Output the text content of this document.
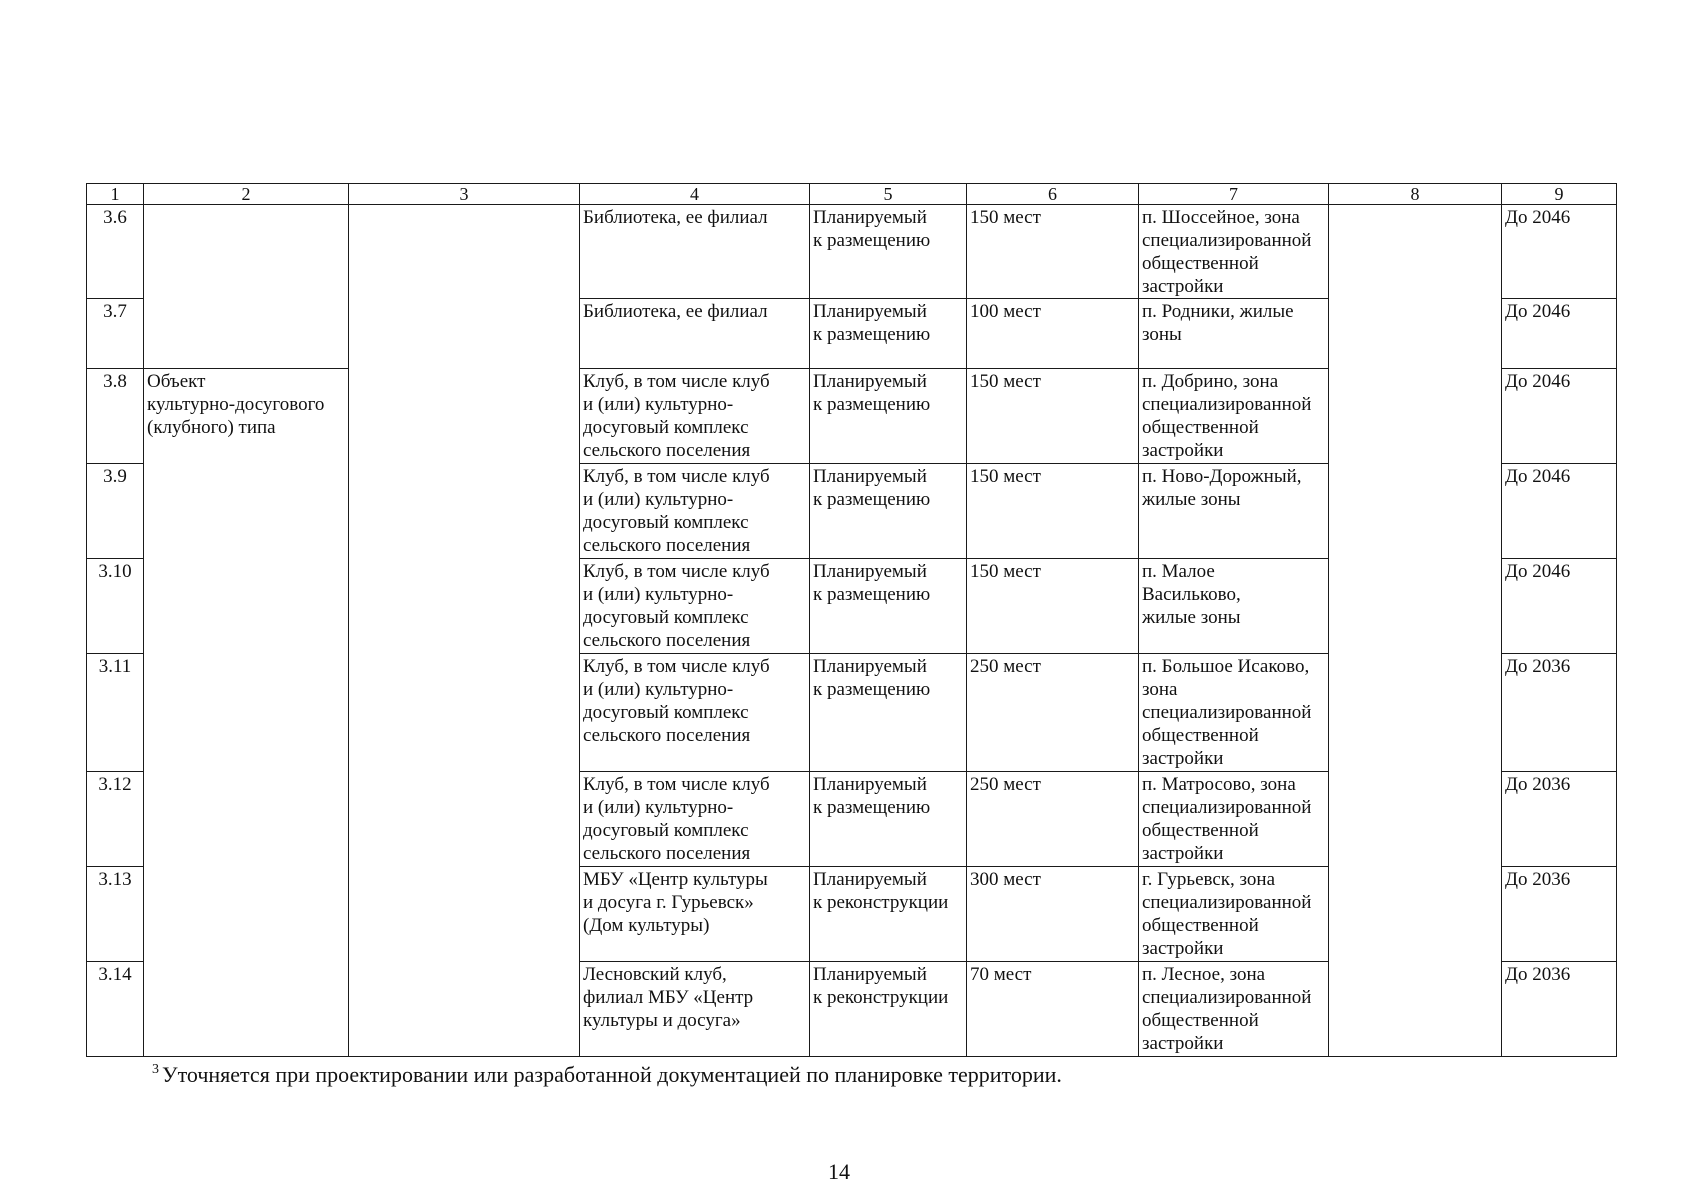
1	2	3	4	5	6	7	8	9
3.6			Библиотека, ее филиал	Планируемый
к размещению	150 мест	п. Шоссейное, зона
специализированной
общественной
застройки		До 2046
3.7			Библиотека, ее филиал	Планируемый
к размещению	100 мест	п. Родники, жилые
зоны		До 2046
3.8	Объект
культурно-досугового
(клубного) типа		Клуб, в том числе клуб
и (или) культурно-
досуговый комплекс
сельского поселения	Планируемый
к размещению	150 мест	п. Добрино, зона
специализированной
общественной
застройки		До 2046
3.9			Клуб, в том числе клуб
и (или) культурно-
досуговый комплекс
сельского поселения	Планируемый
к размещению	150 мест	п. Ново-Дорожный,
жилые зоны		До 2046
3.10			Клуб, в том числе клуб
и (или) культурно-
досуговый комплекс
сельского поселения	Планируемый
к размещению	150 мест	п. Малое
Васильково,
жилые зоны		До 2046
3.11			Клуб, в том числе клуб
и (или) культурно-
досуговый комплекс
сельского поселения	Планируемый
к размещению	250 мест	п. Большое Исаково,
зона
специализированной
общественной
застройки		До 2036
3.12			Клуб, в том числе клуб
и (или) культурно-
досуговый комплекс
сельского поселения	Планируемый
к размещению	250 мест	п. Матросово, зона
специализированной
общественной
застройки		До 2036
3.13			МБУ «Центр культуры
и досуга г. Гурьевск»
(Дом культуры)	Планируемый
к реконструкции	300 мест	г. Гурьевск, зона
специализированной
общественной
застройки		До 2036
3.14			Лесновский клуб,
филиал МБУ «Центр
культуры и досуга»	Планируемый
к реконструкции	70 мест	п. Лесное, зона
специализированной
общественной
застройки		До 2036
$^3$ Уточняется при проектировании или разработанной документацией по планировке территории.
14
